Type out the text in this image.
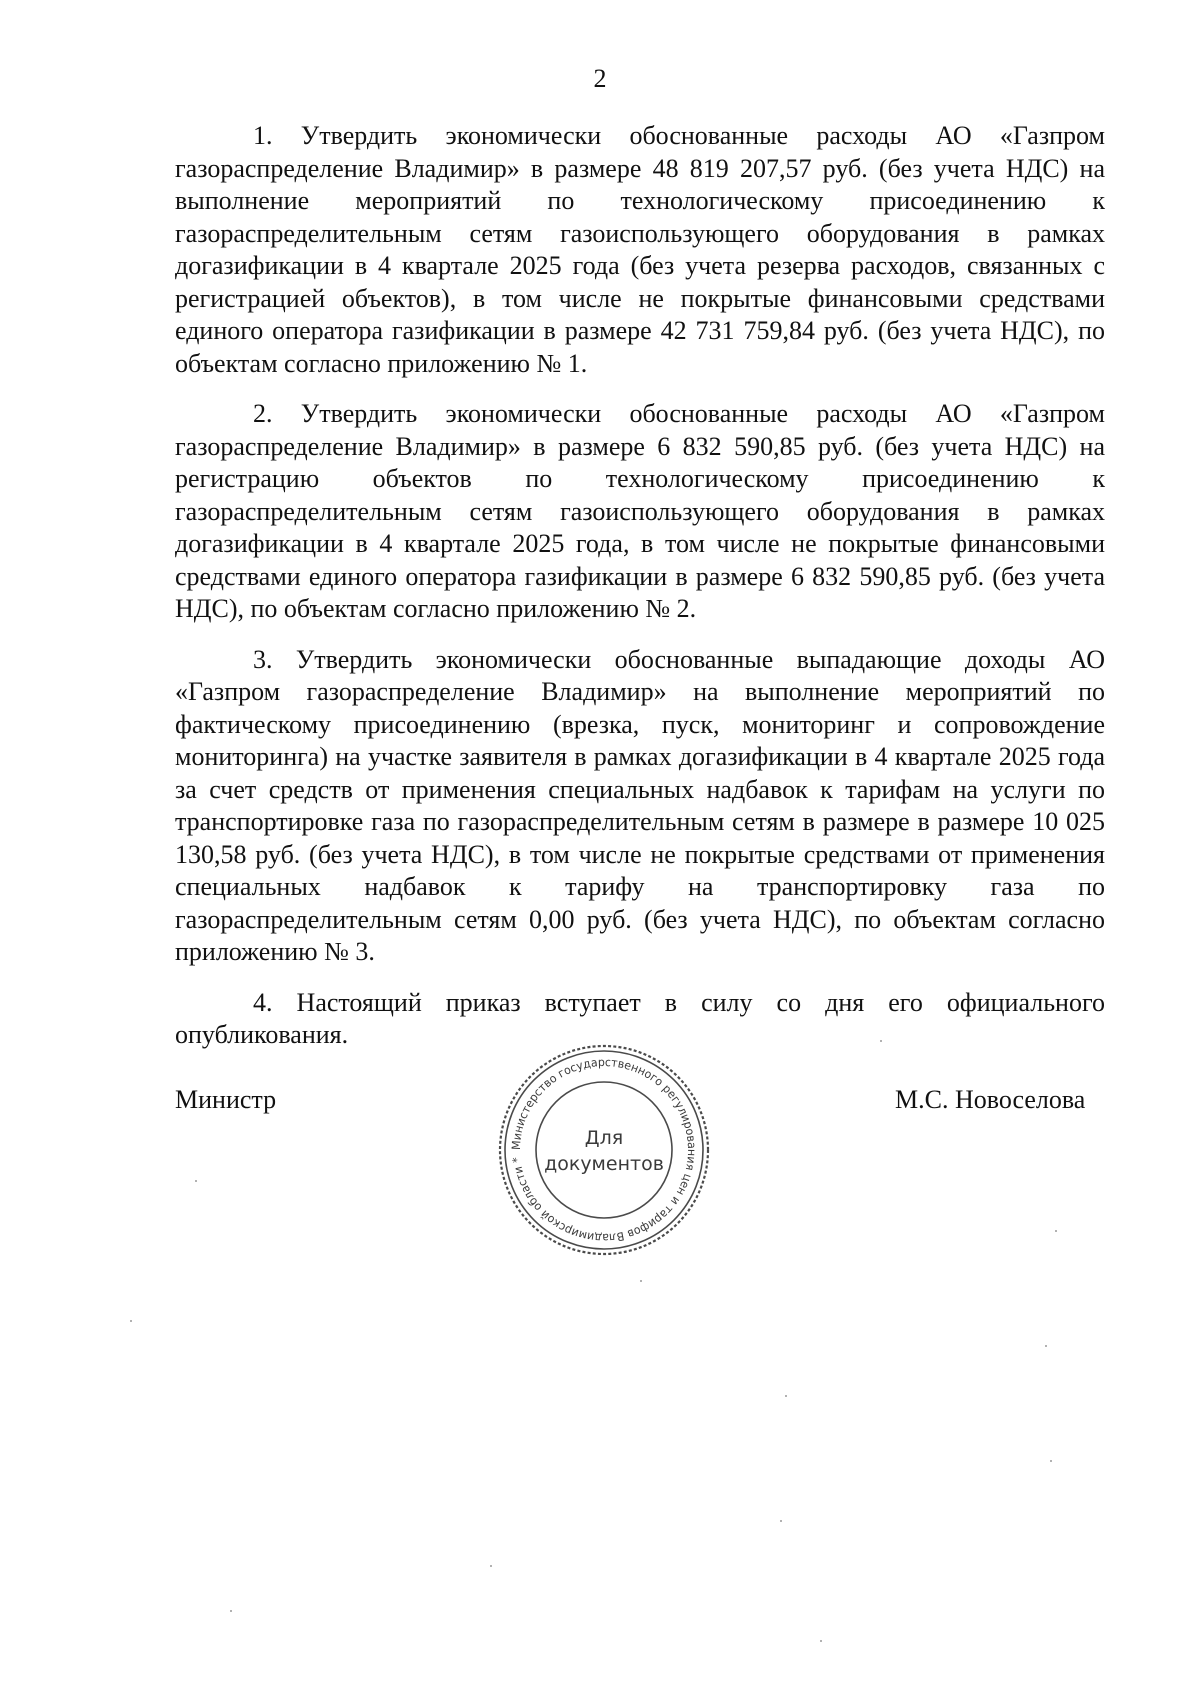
2

1. Утвердить экономически обоснованные расходы АО «Газпром газораспределение Владимир» в размере 48 819 207,57 руб. (без учета НДС) на выполнение мероприятий по технологическому присоединению к газораспределительным сетям газоиспользующего оборудования в рамках догазификации в 4 квартале 2025 года (без учета резерва расходов, связанных с регистрацией объектов), в том числе не покрытые финансовыми средствами единого оператора газификации в размере 42 731 759,84 руб. (без учета НДС), по объектам согласно приложению № 1.

2. Утвердить экономически обоснованные расходы АО «Газпром газораспределение Владимир» в размере 6 832 590,85 руб. (без учета НДС) на регистрацию объектов по технологическому присоединению к газораспределительным сетям газоиспользующего оборудования в рамках догазификации в 4 квартале 2025 года, в том числе не покрытые финансовыми средствами единого оператора газификации в размере 6 832 590,85 руб. (без учета НДС), по объектам согласно приложению № 2.

3. Утвердить экономически обоснованные выпадающие доходы АО «Газпром газораспределение Владимир» на выполнение мероприятий по фактическому присоединению (врезка, пуск, мониторинг и сопровождение мониторинга) на участке заявителя в рамках догазификации в 4 квартале 2025 года за счет средств от применения специальных надбавок к тарифам на услуги по транспортировке газа по газораспределительным сетям в размере в размере 10 025 130,58 руб. (без учета НДС), в том числе не покрытые средствами от применения специальных надбавок к тарифу на транспортировку газа по газораспределительным сетям 0,00 руб. (без учета НДС), по объектам согласно приложению № 3.

4. Настоящий приказ вступает в силу со дня его официального опубликования.

Министр
Министерство государственного регулирования цен и тарифов Владимирской области *
Для
документов
М.С. Новоселова
